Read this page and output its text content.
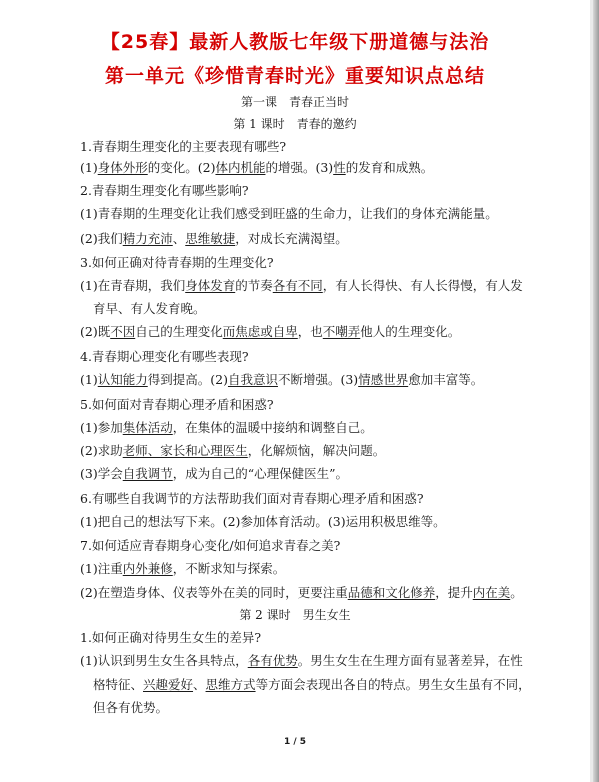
【25春】最新人教版七年级下册道德与法治
第一单元《珍惜青春时光》重要知识点总结
第一课　青春正当时
第 1 课时　青春的邀约
1.青春期生理变化的主要表现有哪些?
(1)身体外形的变化。(2)体内机能的增强。(3)性的发育和成熟。
2.青春期生理变化有哪些影响?
(1)青春期的生理变化让我们感受到旺盛的生命力，让我们的身体充满能量。
(2)我们精力充沛、思维敏捷，对成长充满渴望。
3.如何正确对待青春期的生理变化?
(1)在青春期，我们身体发育的节奏各有不同，有人长得快、有人长得慢，有人发
育早、有人发育晚。
(2)既不因自己的生理变化而焦虑或自卑，也不嘲弄他人的生理变化。
4.青春期心理变化有哪些表现?
(1)认知能力得到提高。(2)自我意识不断增强。(3)情感世界愈加丰富等。
5.如何面对青春期心理矛盾和困惑?
(1)参加集体活动，在集体的温暖中接纳和调整自己。
(2)求助老师、家长和心理医生，化解烦恼，解决问题。
(3)学会自我调节，成为自己的“心理保健医生”。
6.有哪些自我调节的方法帮助我们面对青春期心理矛盾和困惑?
(1)把自己的想法写下来。(2)参加体育活动。(3)运用积极思维等。
7.如何适应青春期身心变化/如何追求青春之美?
(1)注重内外兼修，不断求知与探索。
(2)在塑造身体、仪表等外在美的同时，更要注重品德和文化修养，提升内在美。
1.如何正确对待男生女生的差异?
(1)认识到男生女生各具特点，各有优势。男生女生在生理方面有显著差异，在性
格特征、兴趣爱好、思维方式等方面会表现出各自的特点。男生女生虽有不同，
但各有优势。
第 2 课时　男生女生
1 / 5
